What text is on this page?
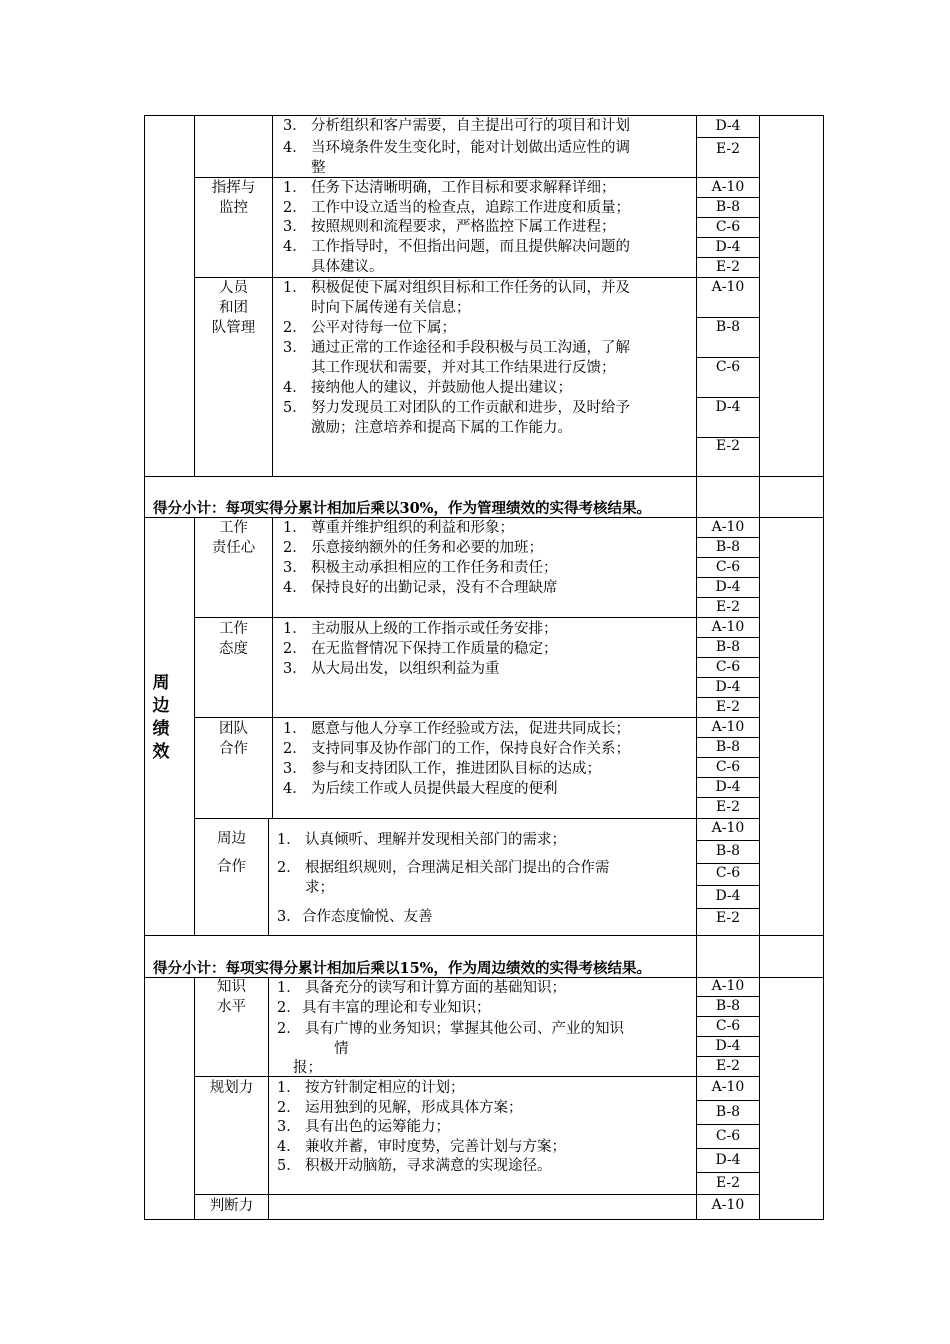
3． 分析组织和客户需要，自主提出可行的项目和计划
4． 当环境条件发生变化时，能对计划做出适应性的调
整
D-4
E-2
指挥与
监控
1． 任务下达清晰明确，工作目标和要求解释详细；
2． 工作中设立适当的检查点，追踪工作进度和质量；
3． 按照规则和流程要求，严格监控下属工作进程；
4． 工作指导时，不但指出问题，而且提供解决问题的
具体建议。
A-10
B-8
C-6
D-4
E-2
人员
和团
队管理
1． 积极促使下属对组织目标和工作任务的认同，并及
时向下属传递有关信息；
2． 公平对待每一位下属；
3． 通过正常的工作途径和手段积极与员工沟通，了解
其工作现状和需要，并对其工作结果进行反馈；
4． 接纳他人的建议，并鼓励他人提出建议；
5． 努力发现员工对团队的工作贡献和进步，及时给予
激励；注意培养和提高下属的工作能力。
A-10
B-8
C-6
D-4
E-2
得分小计：每项实得分累计相加后乘以30%，作为管理绩效的实得考核结果。
周
边
绩
效
工作
责任心
1． 尊重并维护组织的利益和形象；
2． 乐意接纳额外的任务和必要的加班；
3． 积极主动承担相应的工作任务和责任；
4． 保持良好的出勤记录，没有不合理缺席
A-10
B-8
C-6
D-4
E-2
工作
态度
1． 主动服从上级的工作指示或任务安排；
2． 在无监督情况下保持工作质量的稳定；
3． 从大局出发，以组织利益为重
A-10
B-8
C-6
D-4
E-2
团队
合作
1． 愿意与他人分享工作经验或方法，促进共同成长；
2． 支持同事及协作部门的工作，保持良好合作关系；
3． 参与和支持团队工作，推进团队目标的达成；
4． 为后续工作或人员提供最大程度的便利
A-10
B-8
C-6
D-4
E-2
周边
合作
1． 认真倾听、理解并发现相关部门的需求；
2． 根据组织规则，合理满足相关部门提出的合作需
求；
3． 合作态度愉悦、友善
A-10
B-8
C-6
D-4
E-2
得分小计：每项实得分累计相加后乘以15%，作为周边绩效的实得考核结果。
知识
水平
1． 具备充分的读写和计算方面的基础知识；
2． 具有丰富的理论和专业知识；
2． 具有广博的业务知识；掌握其他公司、产业的知识
情
报；
A-10
B-8
C-6
D-4
E-2
规划力	1． 按方针制定相应的计划；
2． 运用独到的见解，形成具体方案；
3． 具有出色的运筹能力；
4． 兼收并蓄，审时度势，完善计划与方案；
5． 积极开动脑筋，寻求满意的实现途径。
A-10
B-8
C-6
D-4
E-2
判断力	A-10
